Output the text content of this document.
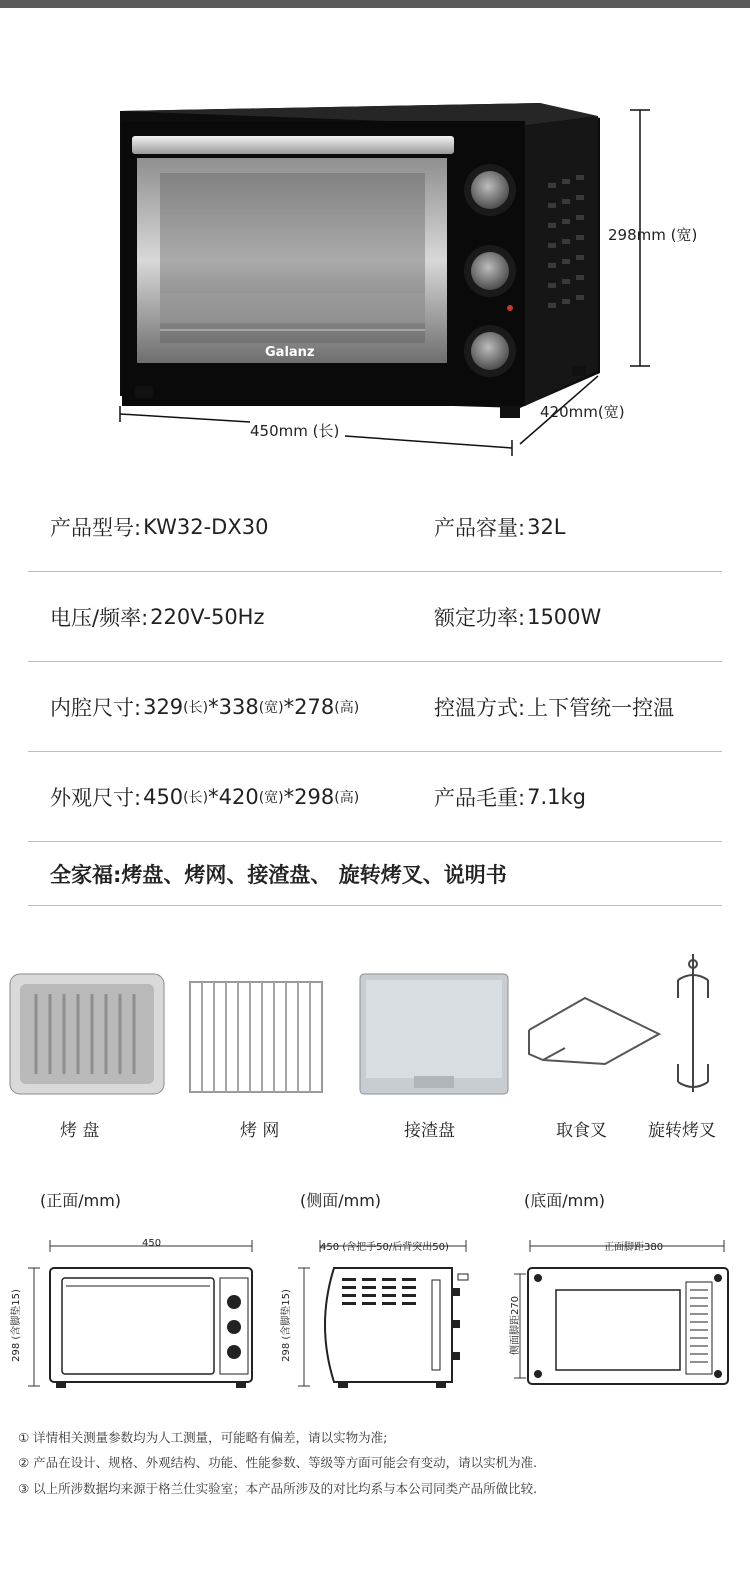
Galanz
298mm (宽)
420mm(宽)
450mm (长)
产品型号: KW32-DX30	产品容量: 32L
电压/频率: 220V-50Hz	额定功率: 1500W
内腔尺寸: 329 (长) *338 (宽) *278 (高)	控温方式: 上下管统一控温
外观尺寸: 450 (长) *420 (宽) *298 (高)	产品毛重: 7.1kg
全家福: 烤盘、烤网、接渣盘、 旋转烤叉、说明书
烤 盘	烤 网	接渣盘	取食叉 旋转烤叉
(正面/mm)	(侧面/mm)	(底面/mm)
450
298 (含脚垫15)
450 (含把手50/后背突出50)
298 (含脚垫15)
正面脚距380
侧面脚距270
① 详情相关测量参数均为人工测量，可能略有偏差，请以实物为准;
② 产品在设计、规格、外观结构、功能、性能参数、等级等方面可能会有变动，请以实机为准.
③ 以上所涉数据均来源于格兰仕实验室；本产品所涉及的对比均系与本公司同类产品所做比较.
